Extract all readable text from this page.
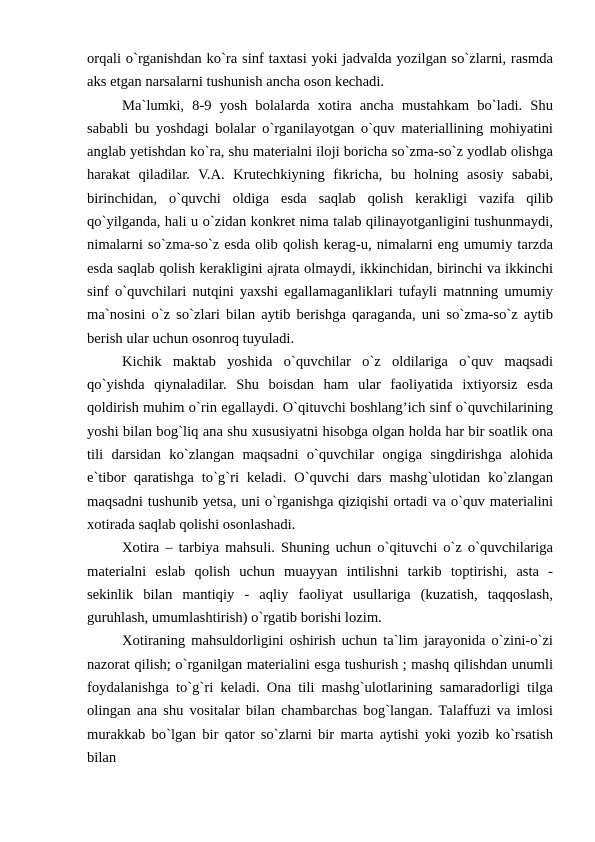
orqali o`rganishdan ko`ra sinf taxtasi yoki jadvalda yozilgan so`zlarni, rasmda aks etgan narsalarni tushunish ancha oson kechadi.

Ma`lumki, 8-9 yosh bolalarda xotira ancha mustahkam bo`ladi. Shu sababli bu yoshdagi bolalar o`rganilayotgan o`quv materiallining mohiyatini anglab yetishdan ko`ra, shu materialni iloji boricha so`zma-so`z yodlab olishga harakat qiladilar. V.A. Krutechkiyning fikricha, bu holning asosiy sababi, birinchidan, o`quvchi oldiga esda saqlab qolish kerakligi vazifa qilib qo`yilganda, hali u o`zidan konkret nima talab qilinayotganligini tushunmaydi, nimalarni so`zma-so`z esda olib qolish kerag-u, nimalarni eng umumiy tarzda esda saqlab qolish kerakligini ajrata olmaydi, ikkinchidan, birinchi va ikkinchi sinf o`quvchilari nutqini yaxshi egallamaganliklari tufayli matnning umumiy ma`nosini o`z so`zlari bilan aytib berishga qaraganda, uni so`zma-so`z aytib berish ular uchun osonroq tuyuladi.

Kichik maktab yoshida o`quvchilar o`z oldilariga o`quv maqsadi qo`yishda qiynaladilar. Shu boisdan ham ular faoliyatida ixtiyorsiz esda qoldirish muhim o`rin egallaydi. O`qituvchi boshlang’ich sinf o`quvchilarining yoshi bilan bog`liq ana shu xususiyatni hisobga olgan holda har bir soatlik ona tili darsidan ko`zlangan maqsadni o`quvchilar ongiga singdirishga alohida e`tibor qaratishga to`g`ri keladi. O`quvchi dars mashg`ulotidan ko`zlangan maqsadni tushunib yetsa, uni o`rganishga qiziqishi ortadi va o`quv materialini xotirada saqlab qolishi osonlashadi.

Xotira – tarbiya mahsuli. Shuning uchun o`qituvchi o`z o`quvchilariga materialni eslab qolish uchun muayyan intilishni tarkib toptirishi, asta - sekinlik bilan mantiqiy - aqliy faoliyat usullariga (kuzatish, taqqoslash, guruhlash, umumlashtirish) o`rgatib borishi lozim.

Xotiraning mahsuldorligini oshirish uchun ta`lim jarayonida o`zini-o`zi nazorat qilish; o`rganilgan materialini esga tushurish ; mashq qilishdan unumli foydalanishga to`g`ri keladi. Ona tili mashg`ulotlarining samaradorligi tilga olingan ana shu vositalar bilan chambarchas bog`langan. Talaffuzi va imlosi murakkab bo`lgan bir qator so`zlarni bir marta aytishi yoki yozib ko`rsatish bilan
